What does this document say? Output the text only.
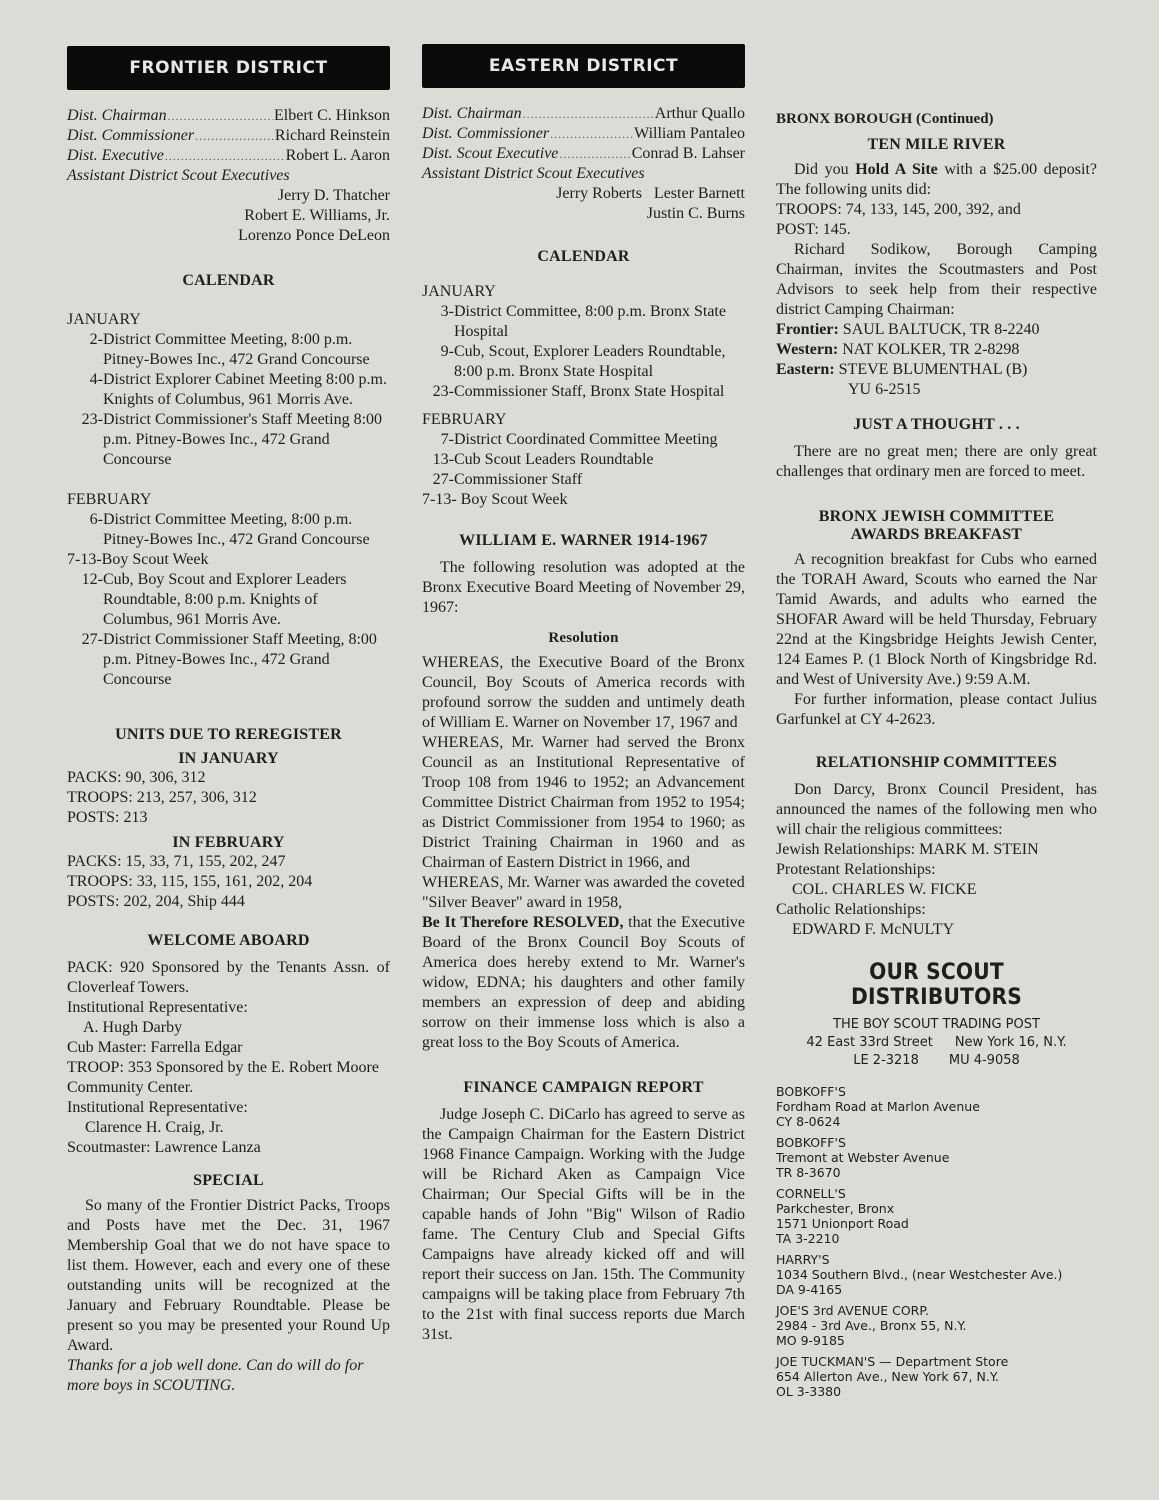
FRONTIER DISTRICT
Dist. Chairman .....	Elbert C. Hinkson
Dist. Commissioner .....	Richard Reinstein
Dist. Executive .....	Robert L. Aaron
Assistant District Scout Executives
Jerry D. Thatcher
Robert E. Williams, Jr.
Lorenzo Ponce DeLeon
CALENDAR
JANUARY
2- District Committee Meeting, 8:00 p.m. Pitney-Bowes Inc., 472 Grand Concourse
4- District Explorer Cabinet Meeting 8:00 p.m. Knights of Columbus, 961 Morris Ave.
23- District Commissioner's Staff Meeting 8:00 p.m. Pitney-Bowes Inc., 472 Grand Concourse
FEBRUARY
6- District Committee Meeting, 8:00 p.m. Pitney-Bowes Inc., 472 Grand Concourse
7-13- Boy Scout Week
12- Cub, Boy Scout and Explorer Leaders Roundtable, 8:00 p.m. Knights of Columbus, 961 Morris Ave.
27- District Commissioner Staff Meeting, 8:00 p.m. Pitney-Bowes Inc., 472 Grand Concourse
UNITS DUE TO REREGISTER
IN JANUARY
PACKS: 90, 306, 312
TROOPS: 213, 257, 306, 312
POSTS: 213
IN FEBRUARY
PACKS: 15, 33, 71, 155, 202, 247
TROOPS: 33, 115, 155, 161, 202, 204
POSTS: 202, 204, Ship 444
WELCOME ABOARD
PACK: 920 Sponsored by the Tenants Assn. of Cloverleaf Towers.
Institutional Representative:
A. Hugh Darby
Cub Master: Farrella Edgar
TROOP: 353 Sponsored by the E. Robert Moore Community Center.
Institutional Representative:
Clarence H. Craig, Jr.
Scoutmaster: Lawrence Lanza
SPECIAL
So many of the Frontier District Packs, Troops and Posts have met the Dec. 31, 1967 Membership Goal that we do not have space to list them. However, each and every one of these outstanding units will be recognized at the January and February Roundtable. Please be present so you may be presented your Round Up Award.
Thanks for a job well done. Can do will do for more boys in SCOUTING.
EASTERN DISTRICT
Dist. Chairman .....	Arthur Quallo
Dist. Commissioner .....	William Pantaleo
Dist. Scout Executive .....	Conrad B. Lahser
Assistant District Scout Executives
Jerry Roberts   Lester Barnett
Justin C. Burns
CALENDAR
JANUARY
3- District Committee, 8:00 p.m. Bronx State Hospital
9- Cub, Scout, Explorer Leaders Roundtable, 8:00 p.m. Bronx State Hospital
23- Commissioner Staff, Bronx State Hospital
FEBRUARY
7- District Coordinated Committee Meeting
13- Cub Scout Leaders Roundtable
27- Commissioner Staff
7-13- Boy Scout Week
WILLIAM E. WARNER 1914-1967
The following resolution was adopted at the Bronx Executive Board Meeting of November 29, 1967:
Resolution
WHEREAS, the Executive Board of the Bronx Council, Boy Scouts of America records with profound sorrow the sudden and untimely death of William E. Warner on November 17, 1967 and
WHEREAS, Mr. Warner had served the Bronx Council as an Institutional Representative of Troop 108 from 1946 to 1952; an Advancement Committee District Chairman from 1952 to 1954; as District Commissioner from 1954 to 1960; as District Training Chairman in 1960 and as Chairman of Eastern District in 1966, and
WHEREAS, Mr. Warner was awarded the coveted "Silver Beaver" award in 1958,
Be It Therefore RESOLVED, that the Executive Board of the Bronx Council Boy Scouts of America does hereby extend to Mr. Warner's widow, EDNA; his daughters and other family members an expression of deep and abiding sorrow on their immense loss which is also a great loss to the Boy Scouts of America.
FINANCE CAMPAIGN REPORT
Judge Joseph C. DiCarlo has agreed to serve as the Campaign Chairman for the Eastern District 1968 Finance Campaign. Working with the Judge will be Richard Aken as Campaign Vice Chairman; Our Special Gifts will be in the capable hands of John "Big" Wilson of Radio fame. The Century Club and Special Gifts Campaigns have already kicked off and will report their success on Jan. 15th. The Community campaigns will be taking place from February 7th to the 21st with final success reports due March 31st.
BRONX BOROUGH (Continued)
TEN MILE RIVER
Did you Hold A Site with a $25.00 deposit? The following units did:
TROOPS: 74, 133, 145, 200, 392, and
POST: 145.
Richard Sodikow, Borough Camping Chairman, invites the Scoutmasters and Post Advisors to seek help from their respective district Camping Chairman:
Frontier: SAUL BALTUCK, TR 8-2240
Western: NAT KOLKER, TR 2-8298
Eastern: STEVE BLUMENTHAL (B)
YU 6-2515
JUST A THOUGHT . . .
There are no great men; there are only great challenges that ordinary men are forced to meet.
BRONX JEWISH COMMITTEE
AWARDS BREAKFAST
A recognition breakfast for Cubs who earned the TORAH Award, Scouts who earned the Nar Tamid Awards, and adults who earned the SHOFAR Award will be held Thursday, February 22nd at the Kingsbridge Heights Jewish Center, 124 Eames P. (1 Block North of Kingsbridge Rd. and West of University Ave.) 9:59 A.M.
For further information, please contact Julius Garfunkel at CY 4-2623.
RELATIONSHIP COMMITTEES
Don Darcy, Bronx Council President, has announced the names of the following men who will chair the religious committees:
Jewish Relationships: MARK M. STEIN
Protestant Relationships:
COL. CHARLES W. FICKE
Catholic Relationships:
EDWARD F. McNULTY
OUR SCOUT DISTRIBUTORS
THE BOY SCOUT TRADING POST
42 East 33rd Street New York 16, N.Y.
LE 2-3218 MU 4-9058
BOBKOFF'S
Fordham Road at Marlon Avenue
CY 8-0624
BOBKOFF'S
Tremont at Webster Avenue
TR 8-3670
CORNELL'S
Parkchester, Bronx
1571 Unionport Road
TA 3-2210
HARRY'S
1034 Southern Blvd., (near Westchester Ave.)
DA 9-4165
JOE'S 3rd AVENUE CORP.
2984 - 3rd Ave., Bronx 55, N.Y.
MO 9-9185
JOE TUCKMAN'S — Department Store
654 Allerton Ave., New York 67, N.Y.
OL 3-3380
